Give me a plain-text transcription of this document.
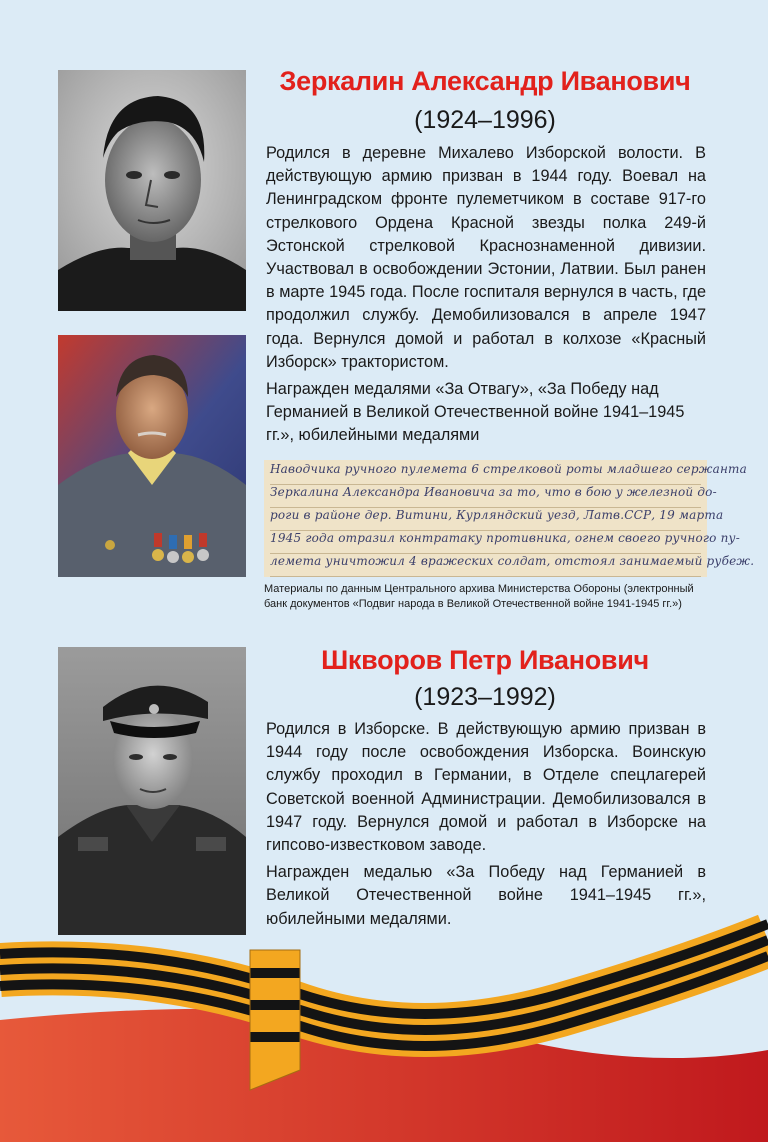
Зеркалин Александр Иванович
(1924–1996)

Родился в деревне Михалево Изборской волости. В действующую армию призван в 1944 году. Воевал на Ленинградском фронте пулеметчиком в составе 917-го стрелкового Ордена Красной звезды полка 249-й Эстонской стрелковой Краснознаменной дивизии. Участвовал в освобождении Эстонии, Латвии. Был ранен в марте 1945 года. После госпиталя вернулся в часть, где продолжил службу. Демобилизовался в апреле 1947 года. Вернулся домой и работал в колхозе «Красный Изборск» трактористом.

Награжден медалями «За Отвагу», «За Победу над Германией в Великой Отечественной войне 1941–1945 гг.», юбилейными медалями

Наводчика ручного пулемета 6 стрелковой роты младшего сержанта
Зеркалина Александра Ивановича за то, что в бою у железной до-
роги в районе дер. Витини, Курляндский уезд, Латв.ССР, 19 марта
1945 года отразил контратаку противника, огнем своего ручного пу-
лемета уничтожил 4 вражеских солдат, отстоял занимаемый рубеж.
Материалы по данным Центрального архива Министерства Обороны (электронный банк документов «Подвиг народа в Великой Отечественной войне 1941-1945 гг.»)
Шкворов Петр Иванович
(1923–1992)

Родился в Изборске. В действующую армию призван в 1944 году после освобождения Изборска. Воинскую службу проходил в Германии, в Отделе спецлагерей Советской военной Администрации. Демобилизовался в 1947 году. Вернулся домой и работал в Изборске на гипсово-известковом заводе.

Награжден медалью «За Победу над Германией в Великой Отечественной войне 1941–1945 гг.», юбилейными медалями.
